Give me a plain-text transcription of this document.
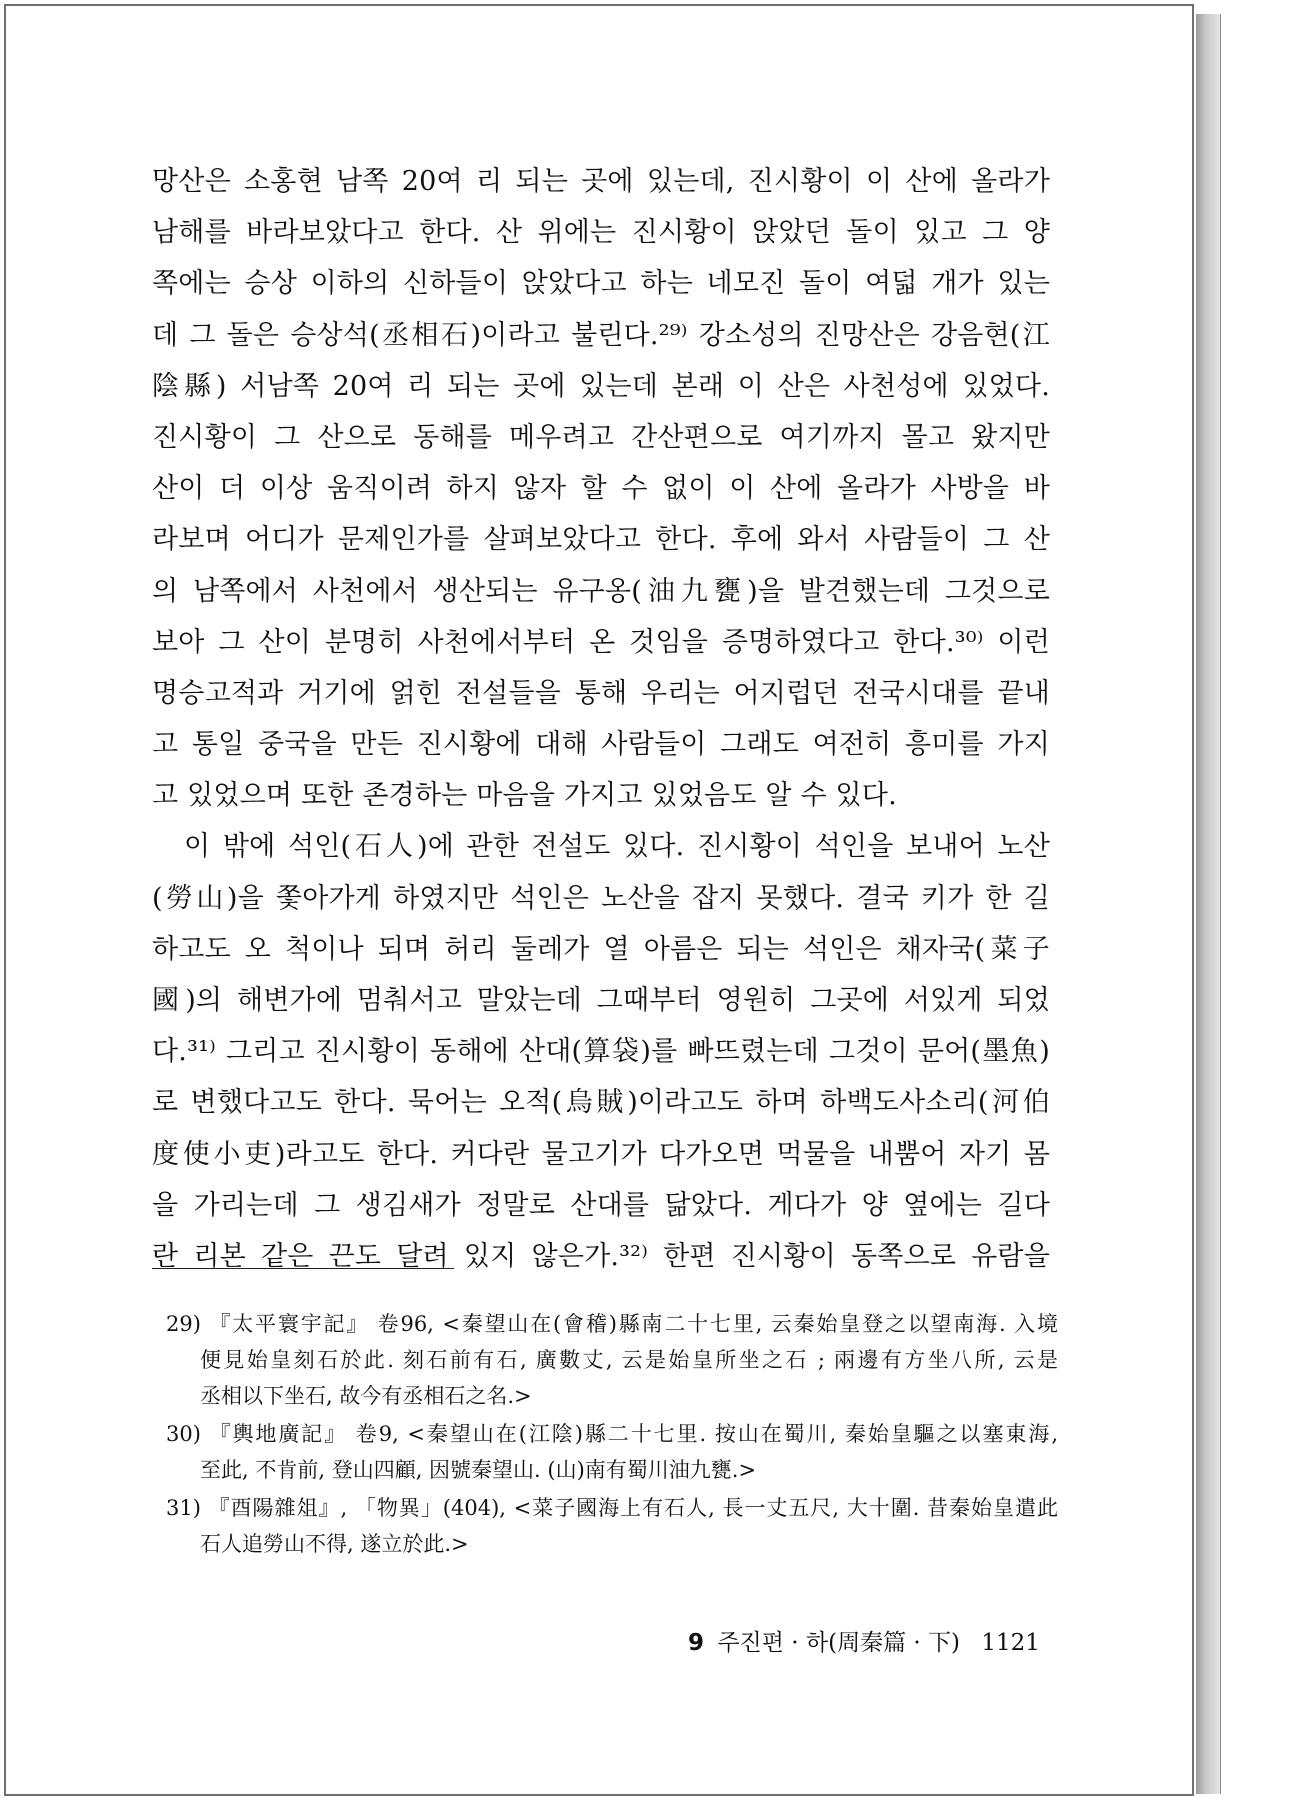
망산은 소홍현 남쪽 20여 리 되는 곳에 있는데, 진시황이 이 산에 올라가
남해를 바라보았다고 한다. 산 위에는 진시황이 앉았던 돌이 있고 그 양
쪽에는 승상 이하의 신하들이 앉았다고 하는 네모진 돌이 여덟 개가 있는
데 그 돌은 승상석(丞相石)이라고 불린다.²⁹⁾ 강소성의 진망산은 강음현(江
陰縣) 서남쪽 20여 리 되는 곳에 있는데 본래 이 산은 사천성에 있었다.
진시황이 그 산으로 동해를 메우려고 간산편으로 여기까지 몰고 왔지만
산이 더 이상 움직이려 하지 않자 할 수 없이 이 산에 올라가 사방을 바
라보며 어디가 문제인가를 살펴보았다고 한다. 후에 와서 사람들이 그 산
의 남쪽에서 사천에서 생산되는 유구옹(油九甕)을 발견했는데 그것으로
보아 그 산이 분명히 사천에서부터 온 것임을 증명하였다고 한다.³⁰⁾ 이런
명승고적과 거기에 얽힌 전설들을 통해 우리는 어지럽던 전국시대를 끝내
고 통일 중국을 만든 진시황에 대해 사람들이 그래도 여전히 흥미를 가지
고 있었으며 또한 존경하는 마음을 가지고 있었음도 알 수 있다.
이 밖에 석인(石人)에 관한 전설도 있다. 진시황이 석인을 보내어 노산
(勞山)을 쫓아가게 하였지만 석인은 노산을 잡지 못했다. 결국 키가 한 길
하고도 오 척이나 되며 허리 둘레가 열 아름은 되는 석인은 채자국(菜子
國)의 해변가에 멈춰서고 말았는데 그때부터 영원히 그곳에 서있게 되었
다.³¹⁾ 그리고 진시황이 동해에 산대(算袋)를 빠뜨렸는데 그것이 문어(墨魚)
로 변했다고도 한다. 묵어는 오적(烏賊)이라고도 하며 하백도사소리(河伯
度使小吏)라고도 한다. 커다란 물고기가 다가오면 먹물을 내뿜어 자기 몸
을 가리는데 그 생김새가 정말로 산대를 닮았다. 게다가 양 옆에는 길다
란 리본 같은 끈도 달려 있지 않은가.³²⁾ 한편 진시황이 동쪽으로 유람을
29) 『太平寰宇記』 卷96, <秦望山在(會稽)縣南二十七里, 云秦始皇登之以望南海. 入境
便見始皇刻石於此. 刻石前有石, 廣數丈, 云是始皇所坐之石 ; 兩邊有方坐八所, 云是
丞相以下坐石, 故今有丞相石之名.>
30) 『輿地廣記』 卷9, <秦望山在(江陰)縣二十七里. 按山在蜀川, 秦始皇驅之以塞東海,
至此, 不肯前, 登山四顧, 因號秦望山. (山)南有蜀川油九甕.>
31) 『酉陽雜俎』, 「物異」(404), <菜子國海上有石人, 長一丈五尺, 大十圍. 昔秦始皇遣此
石人追勞山不得, 遂立於此.>
9 주진편 · 하(周秦篇 · 下) 1121
